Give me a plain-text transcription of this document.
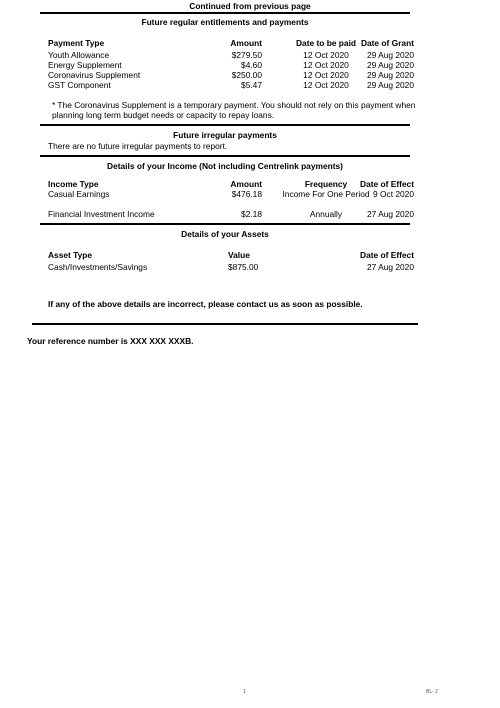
Continued from previous page
Future regular entitlements and payments
Payment Type	Amount	Date to be paid Date of Grant
Youth Allowance	$279.50	12 Oct 2020	29 Aug 2020
Energy Supplement	$4.60	12 Oct 2020	29 Aug 2020
Coronavirus Supplement	$250.00	12 Oct 2020	29 Aug 2020
GST Component	$5.47	12 Oct 2020	29 Aug 2020
* The Coronavirus Supplement is a temporary payment. You should not rely on this payment when
planning long term budget needs or capacity to repay loans.
Future irregular payments
There are no future irregular payments to report.
Details of your Income (Not including Centrelink payments)
Income Type	Amount	Frequency	Date of Effect
Casual Earnings	$476.18 Income For One Period 9 Oct 2020
Financial Investment Income	$2.18	Annually	27 Aug 2020
Details of your Assets
Asset Type	Value	Date of Effect
Cash/Investments/Savings	$875.00	27 Aug 2020
If any of the above details are incorrect, please contact us as soon as possible.
Your reference number is XXX XXX XXXB.
1	BL- 2
